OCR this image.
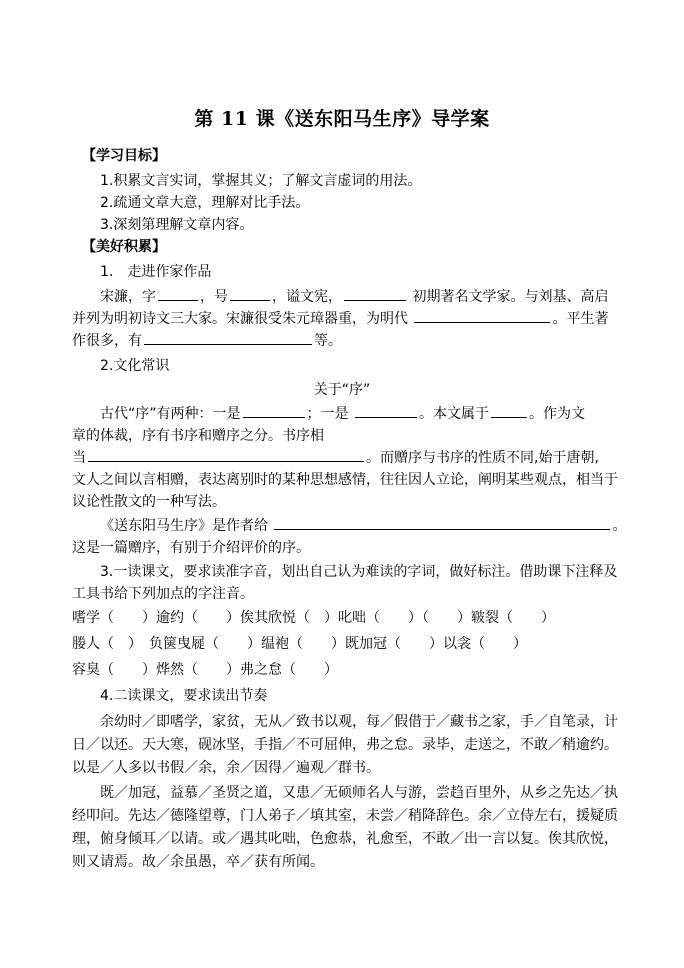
第 11 课《送东阳马生序》导学案
【学习目标】
1.积累文言实词，掌握其义；了解文言虚词的用法。
2.疏通文章大意，理解对比手法。
3.深刻第理解文章内容。
【美好积累】
1.　走进作家作品
宋濂，字	，号	，谥文宪，	初期著名文学家。与刘基、高启
并列为明初诗文三大家。宋濂很受朱元璋器重，为明代	。平生著
作很多，有	等。
2.文化常识
关于“序”
古代“序”有两种：一是	；一是	。本文属于	。作为文
章的体裁，序有书序和赠序之分。书序相
当	。而赠序与书序的性质不同,始于唐朝,
文人之间以言相赠，表达离别时的某种思想感情，往往因人立论，阐明某些观点，相当于
议论性散文的一种写法。
《送东阳马生序》是作者给	。
这是一篇赠序，有别于介绍评价的序。
3.一读课文，要求读准字音，划出自己认为难读的字词，做好标注。借助课下注释及
工具书给下列加点的字注音。
嗜学（　　）逾约（　　）俟其欣悦（　）叱咄（　　）（　　）皲裂（　　）
媵人（　）　负箧曳屣（　　）缊袍（　　）既加冠（　　）以衾（　　）
容臭（　　）烨然（　　）弗之怠（　　）
4.二读课文，要求读出节奏
余幼时／即嗜学，家贫，无从／致书以观，每／假借于／藏书之家，手／自笔录，计
日／以还。天大寒，砚冰坚，手指／不可屈伸，弗之怠。录毕，走送之，不敢／稍逾约。
以是／人多以书假／余，余／因得／遍观／群书。
既／加冠，益慕／圣贤之道，又患／无硕师名人与游，尝趋百里外，从乡之先达／执
经叩问。先达／德隆望尊，门人弟子／填其室，未尝／稍降辞色。余／立侍左右，援疑质
理，俯身倾耳／以请。或／遇其叱咄，色愈恭，礼愈至，不敢／出一言以复。俟其欣悦，
则又请焉。故／余虽愚，卒／获有所闻。
